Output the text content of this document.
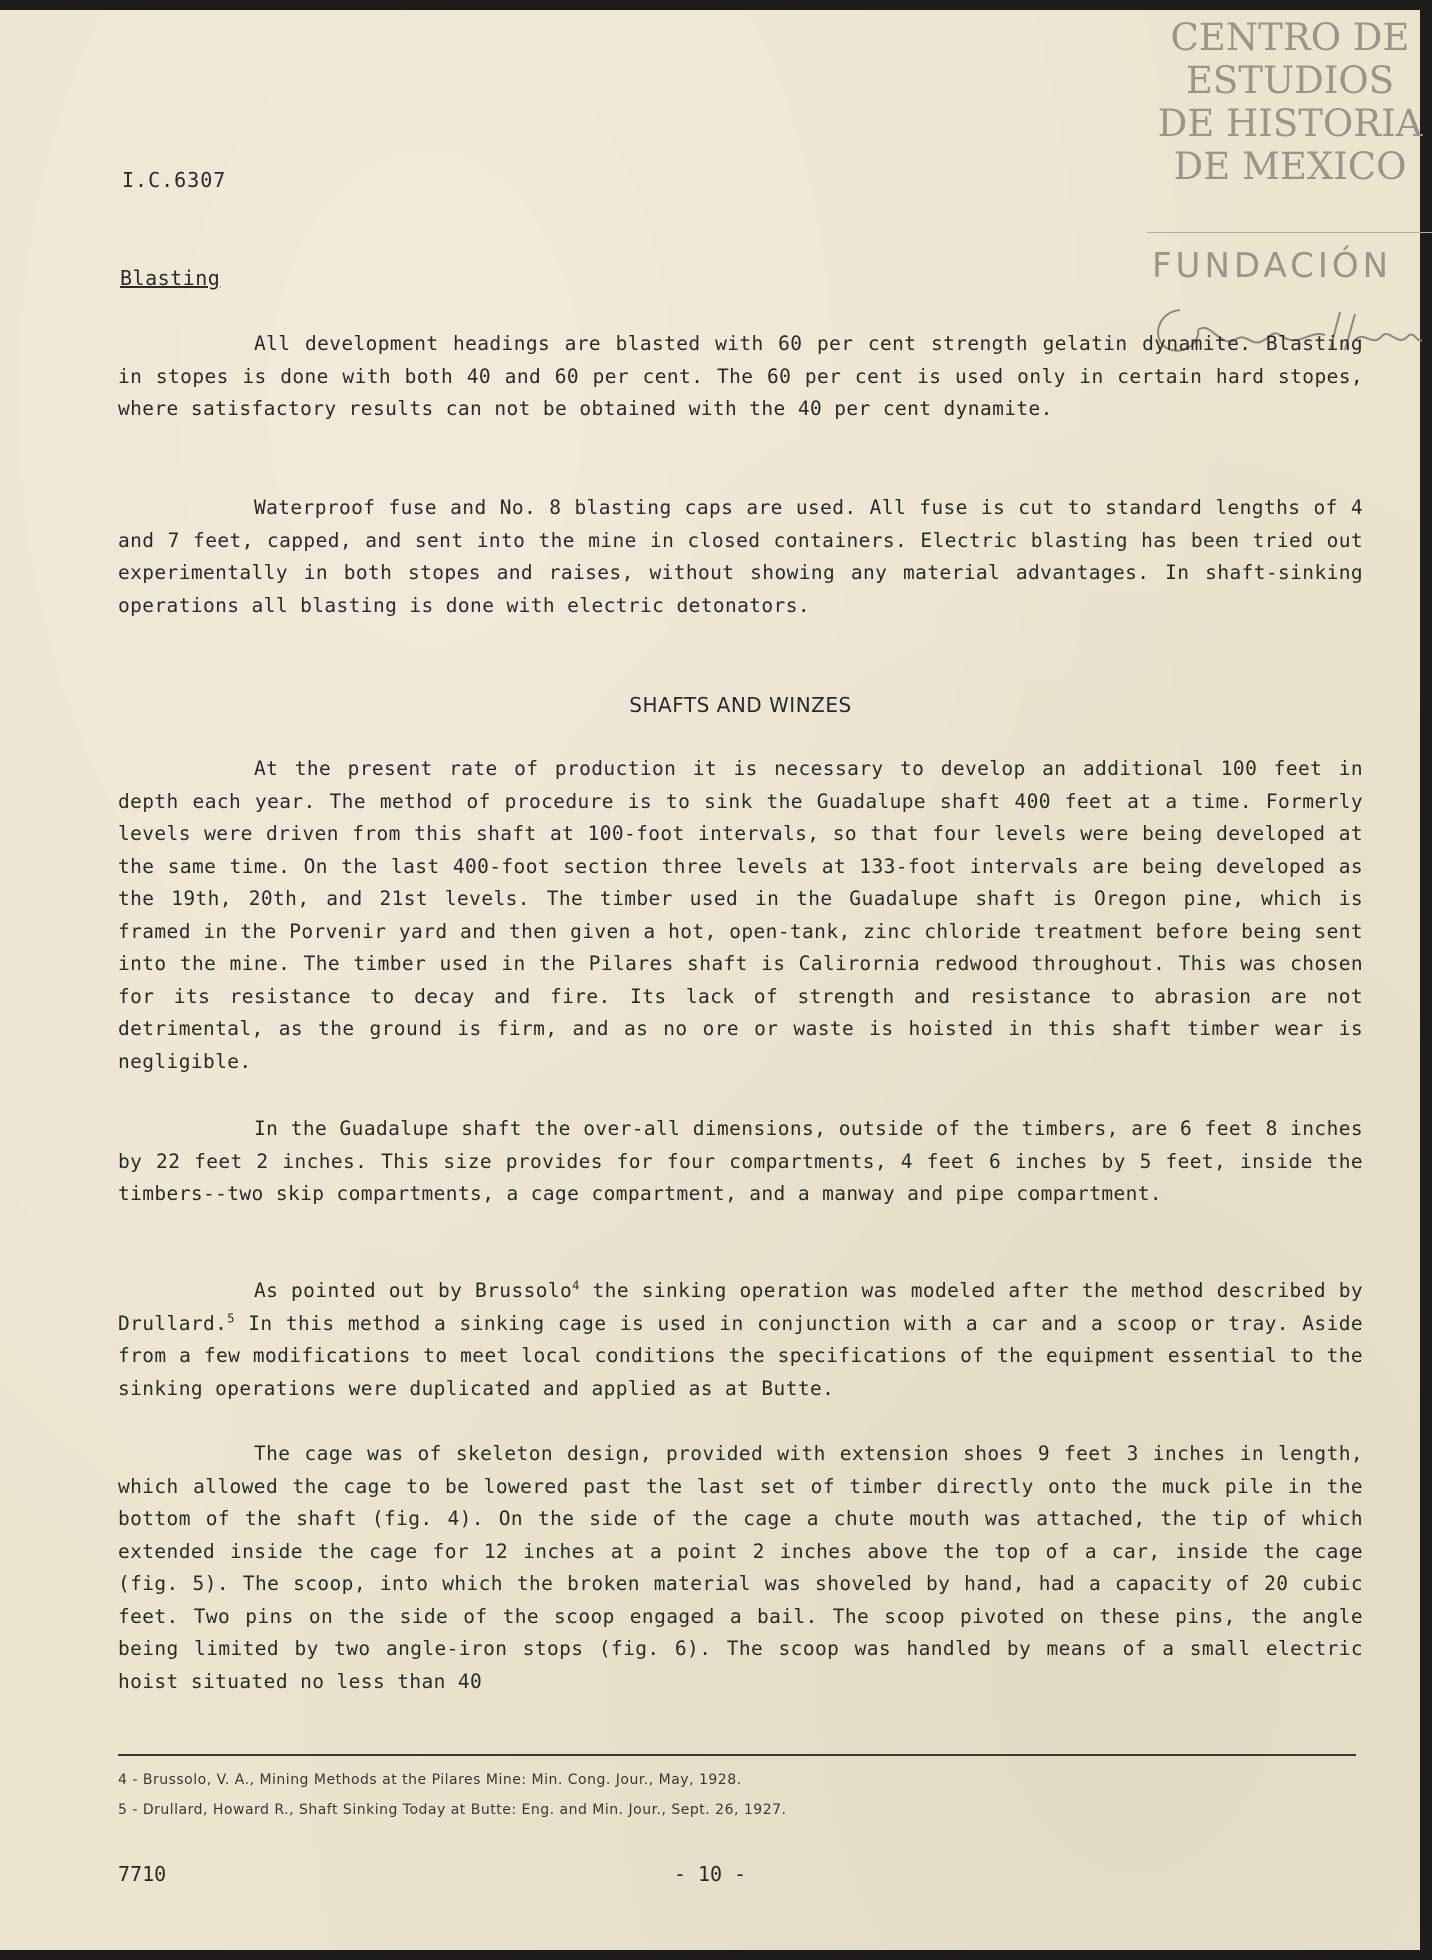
CENTRO DE
ESTUDIOS
DE HISTORIA
DE MEXICO
FUNDACIÓN
I.C.6307
Blasting

All development headings are blasted with 60 per cent strength gelatin dynamite. Blasting in stopes is done with both 40 and 60 per cent. The 60 per cent is used only in certain hard stopes, where satisfactory results can not be obtained with the 40 per cent dynamite.

Waterproof fuse and No. 8 blasting caps are used. All fuse is cut to standard lengths of 4 and 7 feet, capped, and sent into the mine in closed containers. Electric blasting has been tried out experimentally in both stopes and raises, without showing any material advantages. In shaft-sinking operations all blasting is done with electric detonators.

SHAFTS AND WINZES

At the present rate of production it is necessary to develop an additional 100 feet in depth each year. The method of procedure is to sink the Guadalupe shaft 400 feet at a time. Formerly levels were driven from this shaft at 100-foot intervals, so that four levels were being developed at the same time. On the last 400-foot section three levels at 133-foot intervals are being developed as the 19th, 20th, and 21st levels. The timber used in the Guadalupe shaft is Oregon pine, which is framed in the Porvenir yard and then given a hot, open-tank, zinc chloride treatment before being sent into the mine. The timber used in the Pilares shaft is Calirornia redwood throughout. This was chosen for its resistance to decay and fire. Its lack of strength and resistance to abrasion are not detrimental, as the ground is firm, and as no ore or waste is hoisted in this shaft timber wear is negligible.

In the Guadalupe shaft the over-all dimensions, outside of the timbers, are 6 feet 8 inches by 22 feet 2 inches. This size provides for four compartments, 4 feet 6 inches by 5 feet, inside the timbers--two skip compartments, a cage compartment, and a manway and pipe compartment.

As pointed out by Brussolo$^4$ the sinking operation was modeled after the method described by Drullard.$^5$ In this method a sinking cage is used in conjunction with a car and a scoop or tray. Aside from a few modifications to meet local conditions the specifications of the equipment essential to the sinking operations were duplicated and applied as at Butte.

The cage was of skeleton design, provided with extension shoes 9 feet 3 inches in length, which allowed the cage to be lowered past the last set of timber directly onto the muck pile in the bottom of the shaft (fig. 4). On the side of the cage a chute mouth was attached, the tip of which extended inside the cage for 12 inches at a point 2 inches above the top of a car, inside the cage (fig. 5). The scoop, into which the broken material was shoveled by hand, had a capacity of 20 cubic feet. Two pins on the side of the scoop engaged a bail. The scoop pivoted on these pins, the angle being limited by two angle-iron stops (fig. 6). The scoop was handled by means of a small electric hoist situated no less than 40

4 - Brussolo, V. A., Mining Methods at the Pilares Mine: Min. Cong. Jour., May, 1928.
5 - Drullard, Howard R., Shaft Sinking Today at Butte: Eng. and Min. Jour., Sept. 26, 1927.
- 10 -
7710
